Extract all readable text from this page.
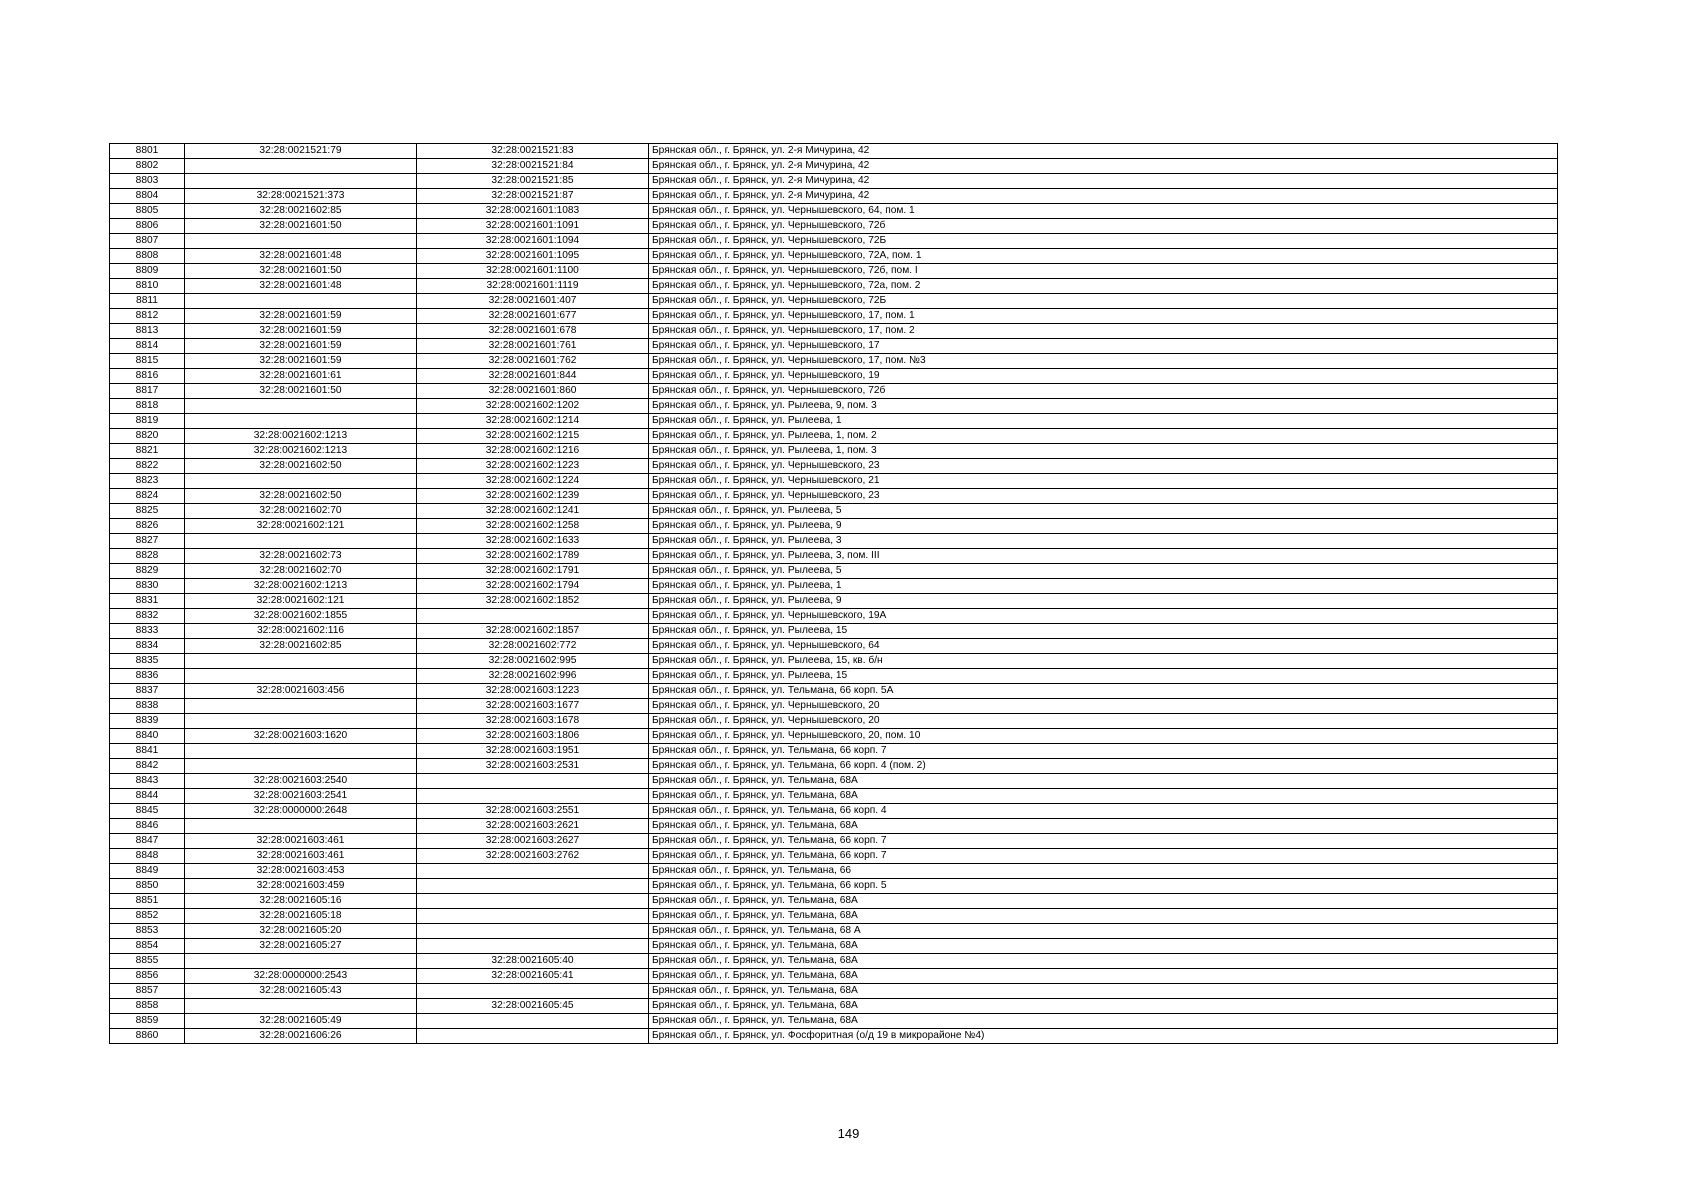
8801	32:28:0021521:79	32:28:0021521:83	Брянская обл., г. Брянск, ул. 2-я Мичурина, 42
8802		32:28:0021521:84	Брянская обл., г. Брянск, ул. 2-я Мичурина, 42
8803		32:28:0021521:85	Брянская обл., г. Брянск, ул. 2-я Мичурина, 42
8804	32:28:0021521:373	32:28:0021521:87	Брянская обл., г. Брянск, ул. 2-я Мичурина, 42
8805	32:28:0021602:85	32:28:0021601:1083	Брянская обл., г. Брянск, ул. Чернышевского, 64, пом. 1
8806	32:28:0021601:50	32:28:0021601:1091	Брянская обл., г. Брянск, ул. Чернышевского, 72б
8807		32:28:0021601:1094	Брянская обл., г. Брянск, ул. Чернышевского, 72Б
8808	32:28:0021601:48	32:28:0021601:1095	Брянская обл., г. Брянск, ул. Чернышевского, 72А, пом. 1
8809	32:28:0021601:50	32:28:0021601:1100	Брянская обл., г. Брянск, ул. Чернышевского, 72б, пом. I
8810	32:28:0021601:48	32:28:0021601:1119	Брянская обл., г. Брянск, ул. Чернышевского, 72а, пом. 2
8811		32:28:0021601:407	Брянская обл., г. Брянск, ул. Чернышевского, 72Б
8812	32:28:0021601:59	32:28:0021601:677	Брянская обл., г. Брянск, ул. Чернышевского, 17, пом. 1
8813	32:28:0021601:59	32:28:0021601:678	Брянская обл., г. Брянск, ул. Чернышевского, 17, пом. 2
8814	32:28:0021601:59	32:28:0021601:761	Брянская обл., г. Брянск, ул. Чернышевского, 17
8815	32:28:0021601:59	32:28:0021601:762	Брянская обл., г. Брянск, ул. Чернышевского, 17, пом. №3
8816	32:28:0021601:61	32:28:0021601:844	Брянская обл., г. Брянск, ул. Чернышевского, 19
8817	32:28:0021601:50	32:28:0021601:860	Брянская обл., г. Брянск, ул. Чернышевского, 72б
8818		32:28:0021602:1202	Брянская обл., г. Брянск, ул. Рылеева, 9, пом. 3
8819		32:28:0021602:1214	Брянская обл., г. Брянск, ул. Рылеева, 1
8820	32:28:0021602:1213	32:28:0021602:1215	Брянская обл., г. Брянск, ул. Рылеева, 1, пом. 2
8821	32:28:0021602:1213	32:28:0021602:1216	Брянская обл., г. Брянск, ул. Рылеева, 1, пом. 3
8822	32:28:0021602:50	32:28:0021602:1223	Брянская обл., г. Брянск, ул. Чернышевского, 23
8823		32:28:0021602:1224	Брянская обл., г. Брянск, ул. Чернышевского, 21
8824	32:28:0021602:50	32:28:0021602:1239	Брянская обл., г. Брянск, ул. Чернышевского, 23
8825	32:28:0021602:70	32:28:0021602:1241	Брянская обл., г. Брянск, ул. Рылеева, 5
8826	32:28:0021602:121	32:28:0021602:1258	Брянская обл., г. Брянск, ул. Рылеева, 9
8827		32:28:0021602:1633	Брянская обл., г. Брянск, ул. Рылеева, 3
8828	32:28:0021602:73	32:28:0021602:1789	Брянская обл., г. Брянск, ул. Рылеева, 3, пом. III
8829	32:28:0021602:70	32:28:0021602:1791	Брянская обл., г. Брянск, ул. Рылеева, 5
8830	32:28:0021602:1213	32:28:0021602:1794	Брянская обл., г. Брянск, ул. Рылеева, 1
8831	32:28:0021602:121	32:28:0021602:1852	Брянская обл., г. Брянск, ул. Рылеева, 9
8832	32:28:0021602:1855		Брянская обл., г. Брянск, ул. Чернышевского, 19А
8833	32:28:0021602:116	32:28:0021602:1857	Брянская обл., г. Брянск, ул. Рылеева, 15
8834	32:28:0021602:85	32:28:0021602:772	Брянская обл., г. Брянск, ул. Чернышевского, 64
8835		32:28:0021602:995	Брянская обл., г. Брянск, ул. Рылеева, 15, кв. б/н
8836		32:28:0021602:996	Брянская обл., г. Брянск, ул. Рылеева, 15
8837	32:28:0021603:456	32:28:0021603:1223	Брянская обл., г. Брянск, ул. Тельмана, 66 корп. 5А
8838		32:28:0021603:1677	Брянская обл., г. Брянск, ул. Чернышевского, 20
8839		32:28:0021603:1678	Брянская обл., г. Брянск, ул. Чернышевского, 20
8840	32:28:0021603:1620	32:28:0021603:1806	Брянская обл., г. Брянск, ул. Чернышевского, 20, пом. 10
8841		32:28:0021603:1951	Брянская обл., г. Брянск, ул. Тельмана, 66 корп. 7
8842		32:28:0021603:2531	Брянская обл., г. Брянск, ул. Тельмана, 66 корп. 4 (пом. 2)
8843	32:28:0021603:2540		Брянская обл., г. Брянск, ул. Тельмана, 68А
8844	32:28:0021603:2541		Брянская обл., г. Брянск, ул. Тельмана, 68А
8845	32:28:0000000:2648	32:28:0021603:2551	Брянская обл., г. Брянск, ул. Тельмана, 66 корп. 4
8846		32:28:0021603:2621	Брянская обл., г. Брянск, ул. Тельмана, 68А
8847	32:28:0021603:461	32:28:0021603:2627	Брянская обл., г. Брянск, ул. Тельмана, 66 корп. 7
8848	32:28:0021603:461	32:28:0021603:2762	Брянская обл., г. Брянск, ул. Тельмана, 66 корп. 7
8849	32:28:0021603:453		Брянская обл., г. Брянск, ул. Тельмана, 66
8850	32:28:0021603:459		Брянская обл., г. Брянск, ул. Тельмана, 66 корп. 5
8851	32:28:0021605:16		Брянская обл., г. Брянск, ул. Тельмана, 68А
8852	32:28:0021605:18		Брянская обл., г. Брянск, ул. Тельмана, 68А
8853	32:28:0021605:20		Брянская обл., г. Брянск, ул. Тельмана, 68 А
8854	32:28:0021605:27		Брянская обл., г. Брянск, ул. Тельмана, 68А
8855		32:28:0021605:40	Брянская обл., г. Брянск, ул. Тельмана, 68А
8856	32:28:0000000:2543	32:28:0021605:41	Брянская обл., г. Брянск, ул. Тельмана, 68А
8857	32:28:0021605:43		Брянская обл., г. Брянск, ул. Тельмана, 68А
8858		32:28:0021605:45	Брянская обл., г. Брянск, ул. Тельмана, 68А
8859	32:28:0021605:49		Брянская обл., г. Брянск, ул. Тельмана, 68А
8860	32:28:0021606:26		Брянская обл., г. Брянск, ул. Фосфоритная (о/д 19 в микрорайоне №4)
149
